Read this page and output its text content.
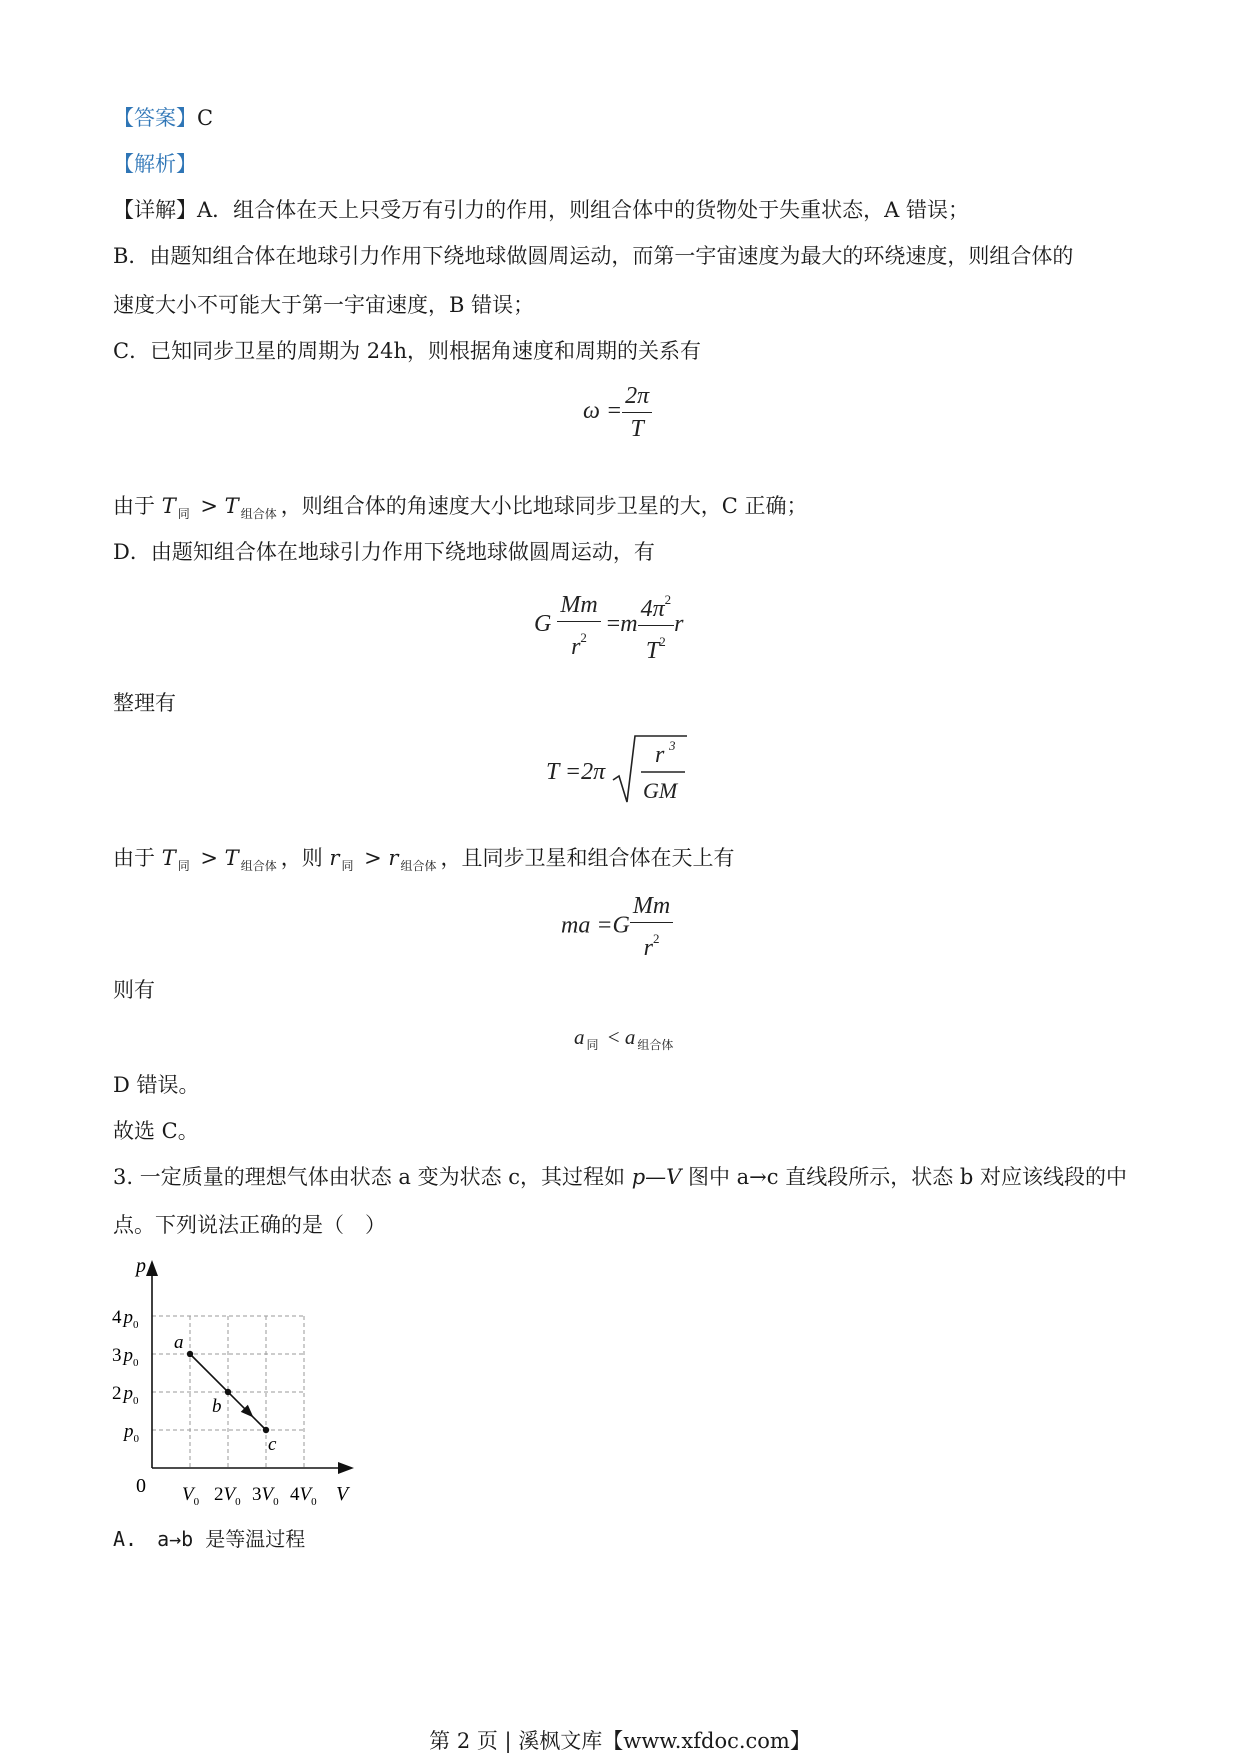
【答案】C
【解析】
【详解】A．组合体在天上只受万有引力的作用，则组合体中的货物处于失重状态，A 错误；
B．由题知组合体在地球引力作用下绕地球做圆周运动，而第一宇宙速度为最大的环绕速度，则组合体的
速度大小不可能大于第一宇宙速度，B 错误；
C．已知同步卫星的周期为 24h，则根据角速度和周期的关系有
$\omega = \frac{2\pi}{T}$
由于 T $_同$ > T $_{组合体}$ ，则组合体的角速度大小比地球同步卫星的大，C 正确；
D．由题知组合体在地球引力作用下绕地球做圆周运动，有
G $\frac{Mm}{r^2} =m \frac{4\pi^2}{T^2}$ r
整理有
T =2π
r 3
GM
由于 T $_同$ > T $_{组合体}$ ，则 r $_同$ > r $_{组合体}$ ，且同步卫星和组合体在天上有
ma $=G \frac{Mm}{r^2}$
则有
a $_同$ < a $_{组合体}$
D 错误。
故选 C。
3. 一定质量的理想气体由状态 a 变为状态 c，其过程如 p—V 图中 a→c 直线段所示，状态 b 对应该线段的中
点。下列说法正确的是（　）
p
V
0
4 $p_0$
3 $p_0$
2 $p_0$
$p_0$
$V_0$ $2V_0$ $3V_0$ $4V_0$
a
b
c
A.　a→b 是等温过程
第 2 页 | 溪枫文库【www.xfdoc.com】
